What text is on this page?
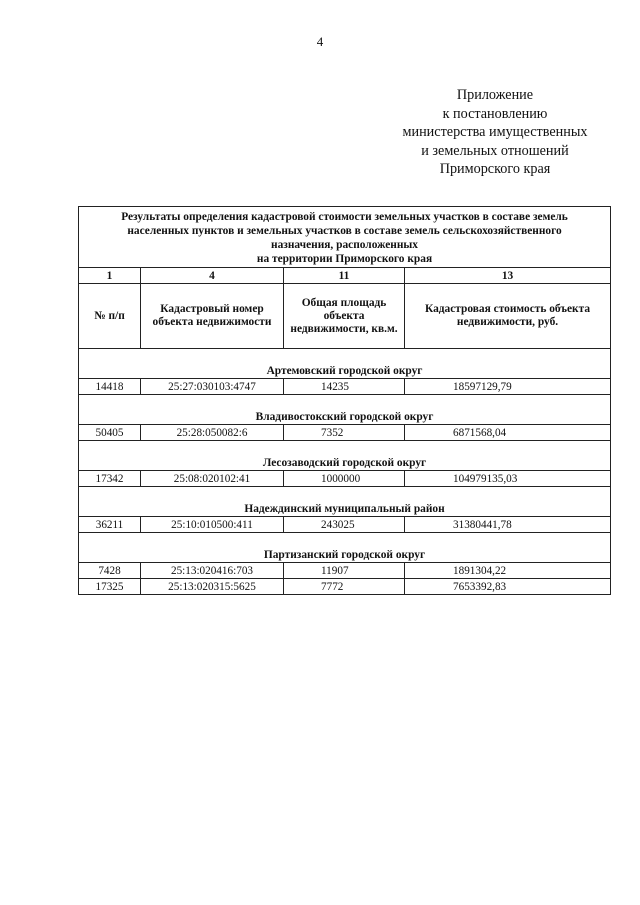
4
Приложение
к постановлению
министерства имущественных
и земельных отношений
Приморского края
Результаты определения кадастровой стоимости земельных участков в составе земель
населенных пунктов и земельных участков в составе земель сельскохозяйственного
назначения, расположенных
на территории Приморского края			

1	4	11	13
№ п/п	Кадастровый номер объекта недвижимости	Общая площадь объекта недвижимости, кв.м.	Кадастровая стоимость объекта недвижимости, руб.

Артемовский городской округ			
14418	25:27:030103:4747	14235	18597129,79

Владивостокский городской округ			
50405	25:28:050082:6	7352	6871568,04

Лесозаводский городской округ			
17342	25:08:020102:41	1000000	104979135,03

Надеждинский муниципальный район			
36211	25:10:010500:411	243025	31380441,78

Партизанский городской округ			
7428	25:13:020416:703	11907	1891304,22
17325	25:13:020315:5625	7772	7653392,83
